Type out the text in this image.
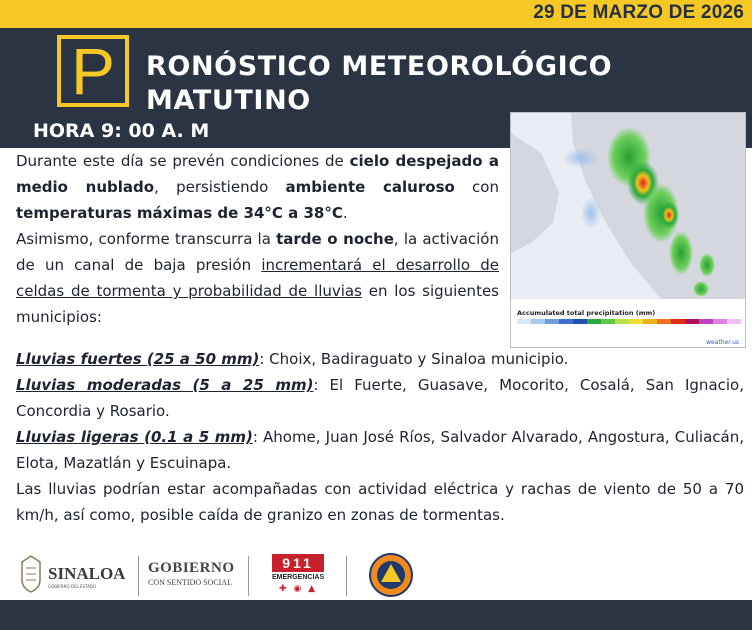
29 DE MARZO DE 2026
P	RONÓSTICO METEOROLÓGICO
MATUTINO
HORA 9: 00 A. M
Accumulated total precipitation (mm)
weather.us

Durante este día se prevén condiciones de cielo despejado a medio nublado, persistiendo ambiente caluroso con temperaturas máximas de 34°C a 38°C.

Asimismo, conforme transcurra la tarde o noche, la activación de un canal de baja presión incrementará el desarrollo de celdas de tormenta y probabilidad de lluvias en los siguientes municipios:

Lluvias fuertes (25 a 50 mm): Choix, Badiraguato y Sinaloa municipio.

Lluvias moderadas (5 a 25 mm): El Fuerte, Guasave, Mocorito, Cosalá, San Ignacio, Concordia y Rosario.

Lluvias ligeras (0.1 a 5 mm): Ahome, Juan José Ríos, Salvador Alvarado, Angostura, Culiacán, Elota, Mazatlán y Escuinapa.

Las lluvias podrían estar acompañadas con actividad eléctrica y rachas de viento de 50 a 70 km/h, así como, posible caída de granizo en zonas de tormentas.

SINALOA
GOBIERNO DEL ESTADO
GOBIERNO
CON SENTIDO SOCIAL
911
EMERGENCIAS
✚ ◉ ▲
